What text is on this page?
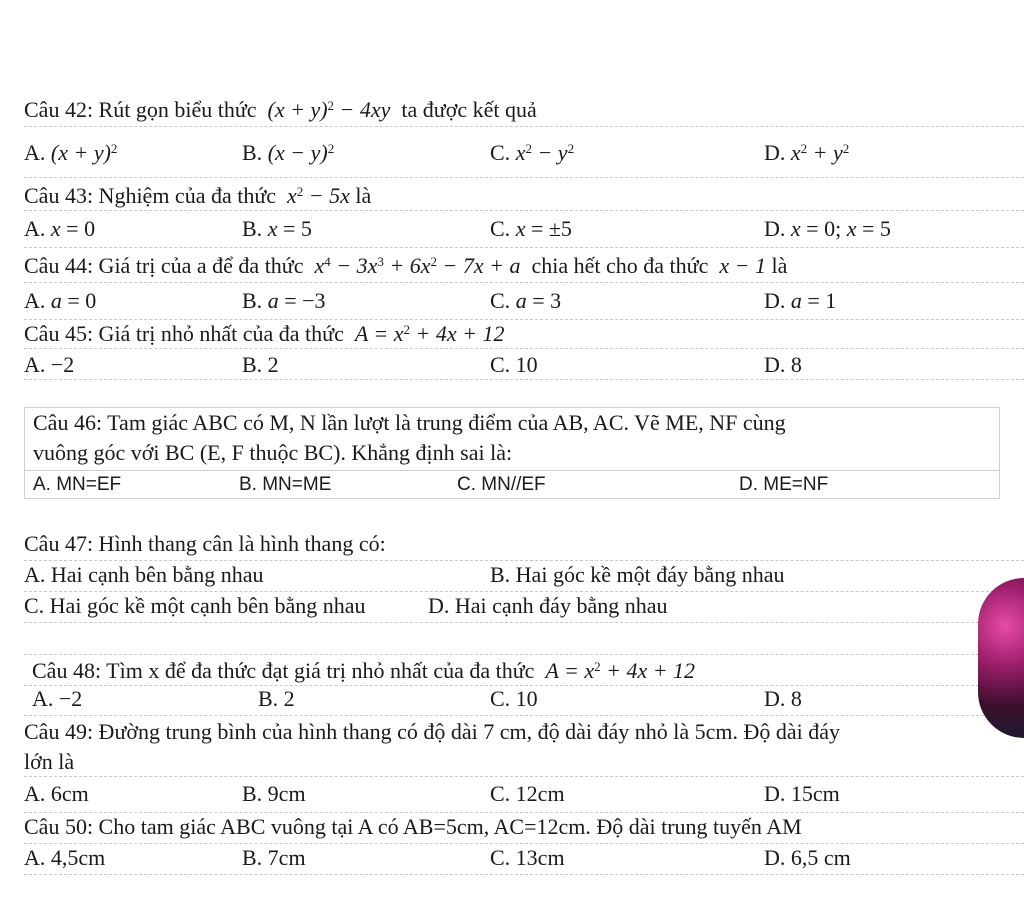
Câu 42: Rút gọn biểu thức  $(x + y)^2 - 4xy$  ta được kết quả
A. $(x + y)^2$	B. $(x - y)^2$	C. $x^2 - y^2$	D. $x^2 + y^2$
Câu 43: Nghiệm của đa thức  $x^2 - 5x$ là
A. x = 0	B. x = 5	C. x = ±5	D. x = 0; x = 5
Câu 44: Giá trị của a để đa thức  $x^4 - 3x^3 + 6x^2 - 7x + a$  chia hết cho đa thức  x − 1 là
A. a = 0	B. a = −3	C. a = 3	D. a = 1
Câu 45: Giá trị nhỏ nhất của đa thức  $A = x^2 + 4x + 12$
A. −2	B. 2	C. 10	D. 8
Câu 46: Tam giác ABC có M, N lần lượt là trung điểm của AB, AC. Vẽ ME, NF cùng
vuông góc với BC (E, F thuộc BC). Khẳng định sai là:
A. MN=EF	B. MN=ME	C. MN//EF	D. ME=NF
Câu 47: Hình thang cân là hình thang có:
A. Hai cạnh bên bằng nhau	B. Hai góc kề một đáy bằng nhau
C. Hai góc kề một cạnh bên bằng nhau	D. Hai cạnh đáy bằng nhau
Câu 48: Tìm x để đa thức đạt giá trị nhỏ nhất của đa thức  $A = x^2 + 4x + 12$
A. −2	B. 2	C. 10	D. 8
Câu 49: Đường trung bình của hình thang có độ dài 7 cm, độ dài đáy nhỏ là 5cm. Độ dài đáy
lớn là
A. 6cm	B. 9cm	C. 12cm	D. 15cm
Câu 50: Cho tam giác ABC vuông tại A có AB=5cm, AC=12cm. Độ dài trung tuyến AM
A. 4,5cm	B. 7cm	C. 13cm	D. 6,5 cm
